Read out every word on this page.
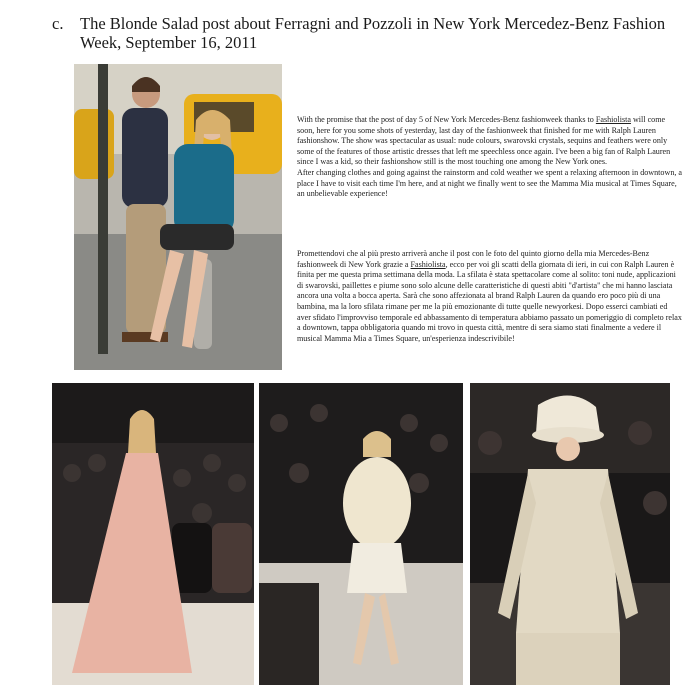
c.	The Blonde Salad post about Ferragni and Pozzoli in New York Mercedez-Benz Fashion Week, September 16, 2011
With the promise that the post of day 5 of New York Mercedes-Benz fashionweek thanks to Fashiolista will come soon, here for you some shots of yesterday, last day of the fashionweek that finished for me with Ralph Lauren fashionshow. The show was spectacular as usual: nude colours, swarovski crystals, sequins and feathers were only some of the features of those artistic dresses that left me speechless once again. I've been a big fan of Ralph Lauren since I was a kid, so their fashionshow still is the most touching one among the New York ones.
After changing clothes and going against the rainstorm and cold weather we spent a relaxing afternoon in downtown, a place I have to visit each time I'm here, and at night we finally went to see the Mamma Mia musical at Times Square, an unbelievable experience!
Promettendovi che al più presto arriverà anche il post con le foto del quinto giorno della mia Mercedes-Benz fashionweek di New York grazie a Fashiolista, ecco per voi gli scatti della giornata di ieri, in cui con Ralph Lauren è finita per me questa prima settimana della moda. La sfilata è stata spettacolare come al solito: toni nude, applicazioni di swarovski, paillettes e piume sono solo alcune delle caratteristiche di questi abiti "d'artista" che mi hanno lasciata ancora una volta a bocca aperta. Sarà che sono affezionata al brand Ralph Lauren da quando ero poco più di una bambina, ma la loro sfilata rimane per me la più emozionante di tutte quelle newyorkesi. Dopo esserci cambiati ed aver sfidato l'improvviso temporale ed abbassamento di temperatura abbiamo passato un pomeriggio di completo relax a downtown, tappa obbligatoria quando mi trovo in questa città, mentre di sera siamo stati finalmente a vedere il musical Mamma Mia a Times Square, un'esperienza indescrivibile!
